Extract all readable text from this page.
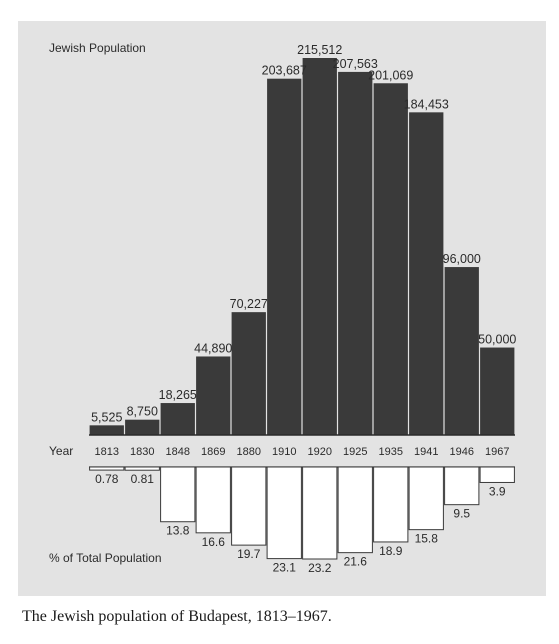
Jewish Population
5,525 8,750
18,265
44,890
70,227
203,687
215,512
207,563
201,069
184,453
96,000
50,000
Year 1813 1830 1848 1869 1880 1910 1920 1925 1935 1941 1946 1967
0.78 0.81
13.8
16.6
19.7
23.1 23.2 21.6
18.9
15.8
9.5
3.9
% of Total Population
The Jewish population of Budapest, 1813–1967.
